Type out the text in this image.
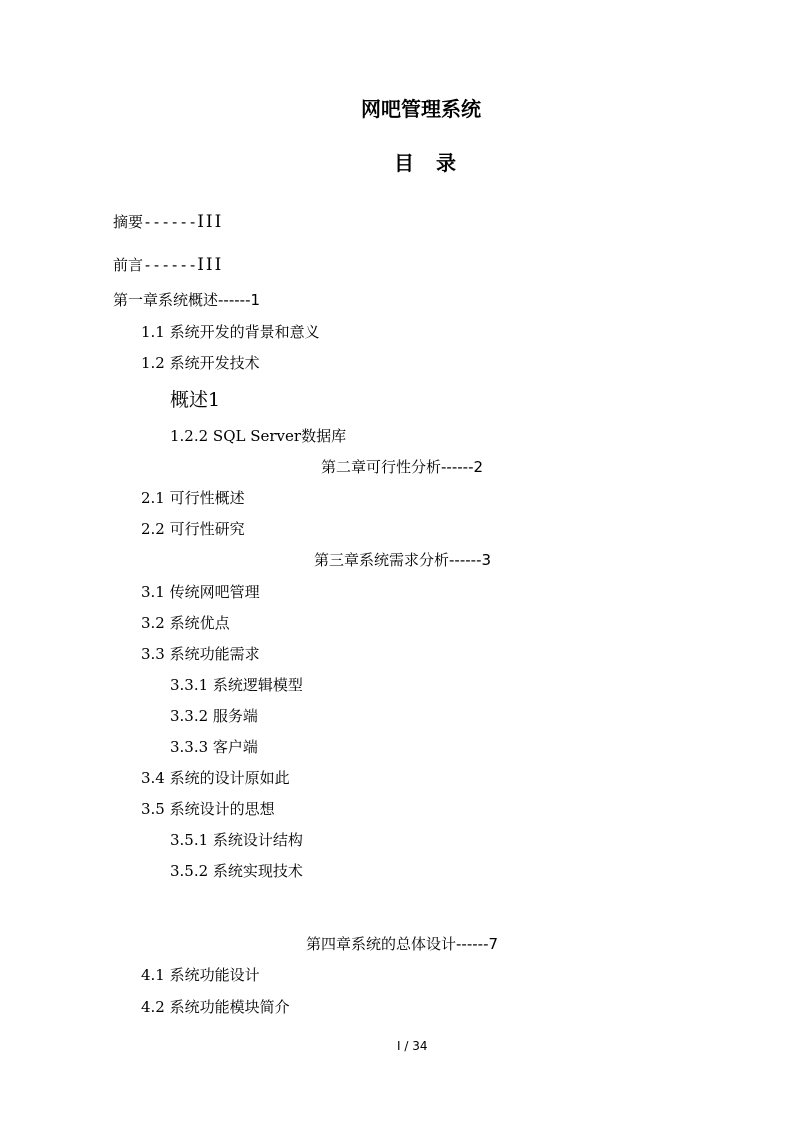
网吧管理系统
目 录
摘要------III
前言------III
第一章系统概述------1
1.1 系统开发的背景和意义
1.2 系统开发技术
概述1
1.2.2 SQL Server数据库
第二章可行性分析------2
2.1 可行性概述
2.2 可行性研究
第三章系统需求分析------3
3.1 传统网吧管理
3.2 系统优点
3.3 系统功能需求
3.3.1 系统逻辑模型
3.3.2 服务端
3.3.3 客户端
3.4 系统的设计原如此
3.5 系统设计的思想
3.5.1 系统设计结构
3.5.2 系统实现技术
第四章系统的总体设计------7
4.1 系统功能设计
4.2 系统功能模块简介
I / 34
